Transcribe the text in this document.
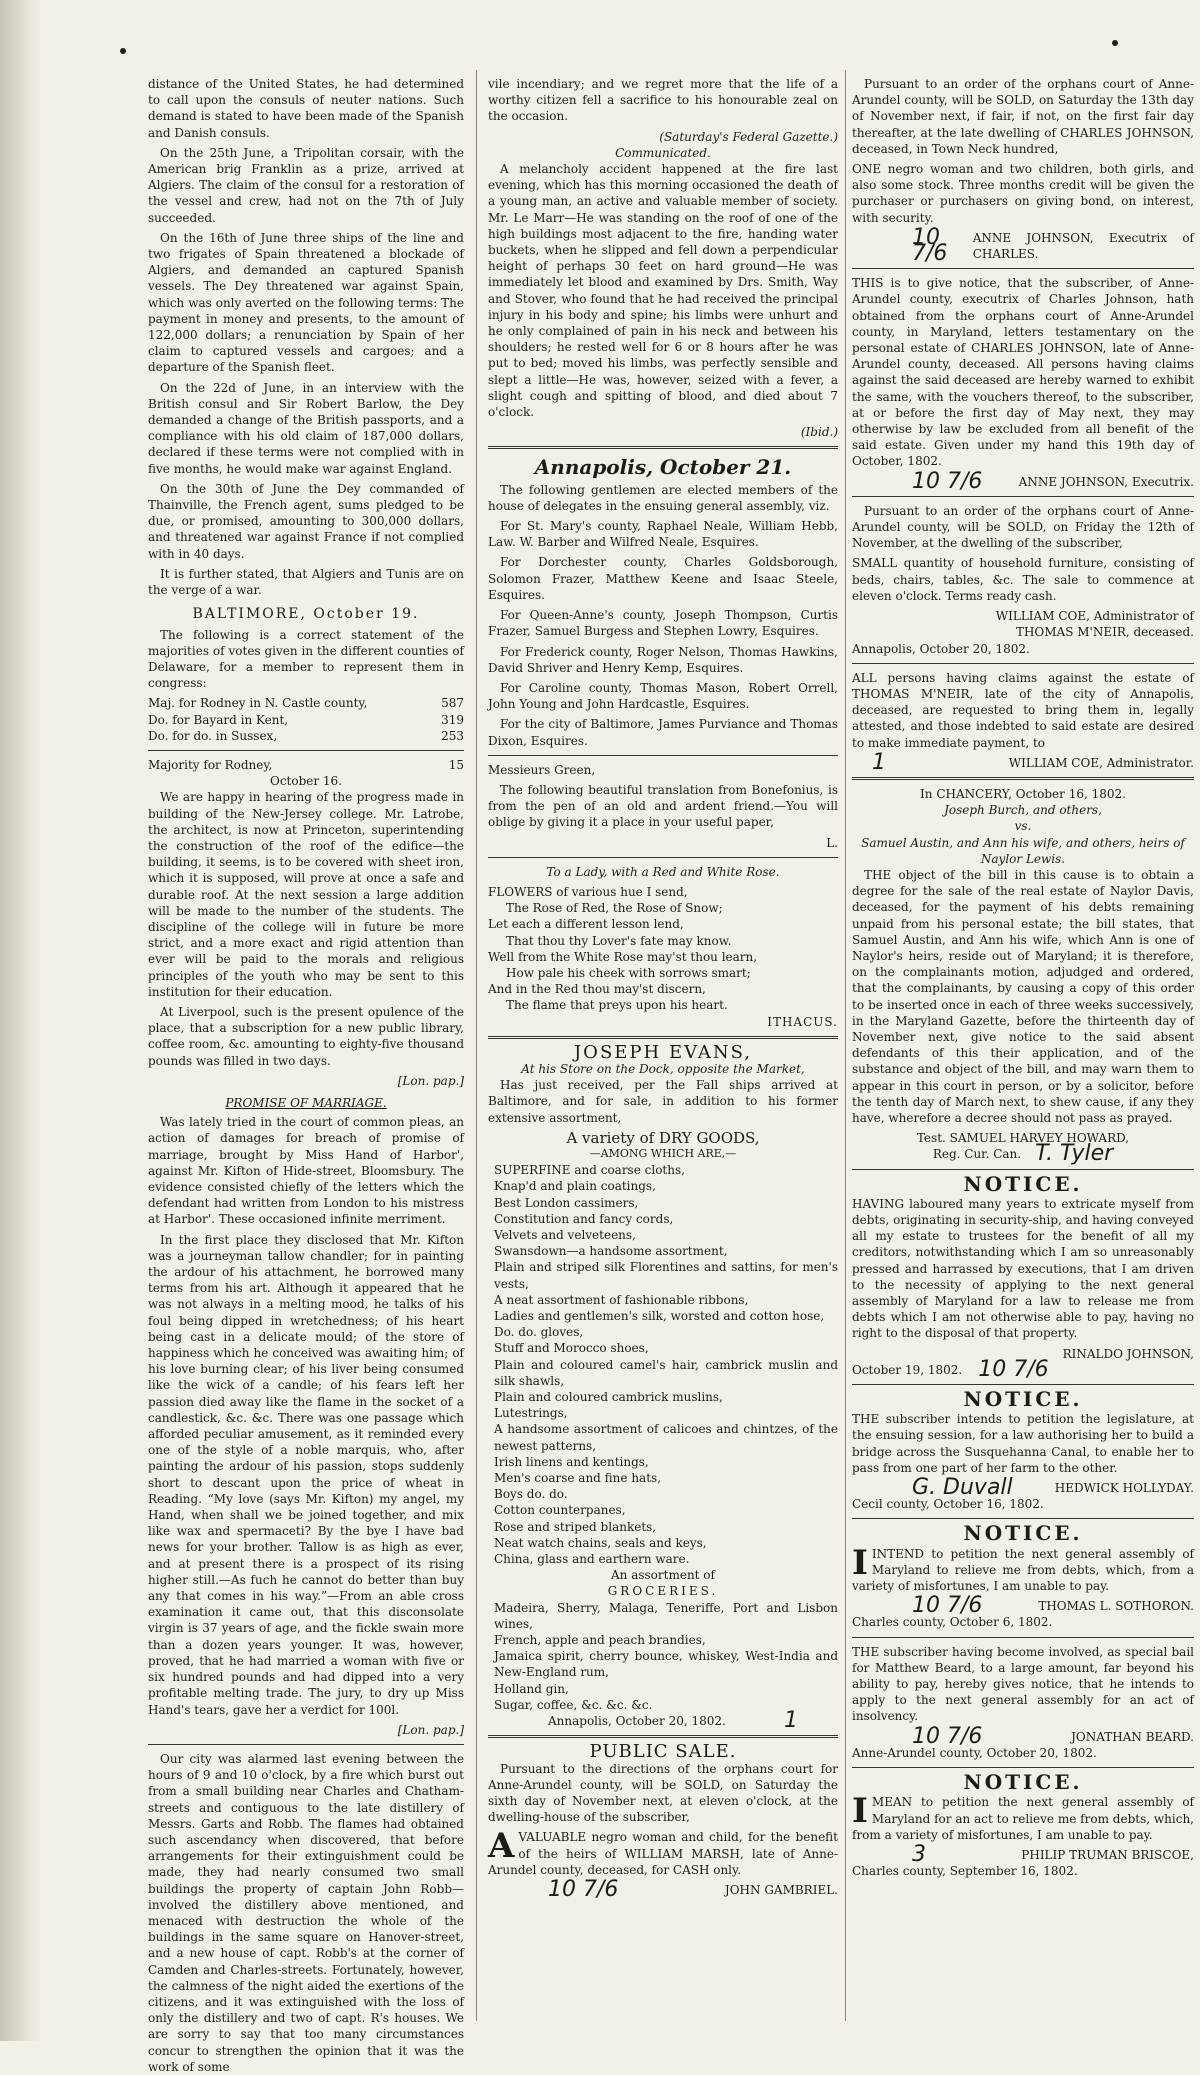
distance of the United States, he had determined to call upon the consuls of neuter nations. Such demand is stated to have been made of the Spanish and Danish consuls.

On the 25th June, a Tripolitan corsair, with the American brig Franklin as a prize, arrived at Algiers. The claim of the consul for a restoration of the vessel and crew, had not on the 7th of July succeeded.

On the 16th of June three ships of the line and two frigates of Spain threatened a blockade of Algiers, and demanded an captured Spanish vessels. The Dey threatened war against Spain, which was only averted on the following terms: The payment in money and presents, to the amount of 122,000 dollars; a renunciation by Spain of her claim to captured vessels and cargoes; and a departure of the Spanish fleet.

On the 22d of June, in an interview with the British consul and Sir Robert Barlow, the Dey demanded a change of the British passports, and a compliance with his old claim of 187,000 dollars, declared if these terms were not complied with in five months, he would make war against England.

On the 30th of June the Dey commanded of Thainville, the French agent, sums pledged to be due, or promised, amounting to 300,000 dollars, and threatened war against France if not complied with in 40 days.

It is further stated, that Algiers and Tunis are on the verge of a war.

BALTIMORE, October 19.

The following is a correct statement of the majorities of votes given in the different counties of Delaware, for a member to represent them in congress:

Maj. for Rodney in N. Castle county,	587
Do. for Bayard in Kent,	319
Do. for do. in Sussex,	253
Majority for Rodney,	15
October 16.

We are happy in hearing of the progress made in building of the New-Jersey college. Mr. Latrobe, the architect, is now at Princeton, superintending the construction of the roof of the edifice—the building, it seems, is to be covered with sheet iron, which it is supposed, will prove at once a safe and durable roof. At the next session a large addition will be made to the number of the students. The discipline of the college will in future be more strict, and a more exact and rigid attention than ever will be paid to the morals and religious principles of the youth who may be sent to this institution for their education.

At Liverpool, such is the present opulence of the place, that a subscription for a new public library, coffee room, &c. amounting to eighty-five thousand pounds was filled in two days.

[Lon. pap.]
PROMISE OF MARRIAGE.

Was lately tried in the court of common pleas, an action of damages for breach of promise of marriage, brought by Miss Hand of Harbor', against Mr. Kifton of Hide-street, Bloomsbury. The evidence consisted chiefly of the letters which the defendant had written from London to his mistress at Harbor'. These occasioned infinite merriment.

In the first place they disclosed that Mr. Kifton was a journeyman tallow chandler; for in painting the ardour of his attachment, he borrowed many terms from his art. Although it appeared that he was not always in a melting mood, he talks of his foul being dipped in wretchedness; of his heart being cast in a delicate mould; of the store of happiness which he conceived was awaiting him; of his love burning clear; of his liver being consumed like the wick of a candle; of his fears left her passion died away like the flame in the socket of a candlestick, &c. &c. There was one passage which afforded peculiar amusement, as it reminded every one of the style of a noble marquis, who, after painting the ardour of his passion, stops suddenly short to descant upon the price of wheat in Reading. “My love (says Mr. Kifton) my angel, my Hand, when shall we be joined together, and mix like wax and spermaceti? By the bye I have bad news for your brother. Tallow is as high as ever, and at present there is a prospect of its rising higher still.—As fuch he cannot do better than buy any that comes in his way.”—From an able cross examination it came out, that this disconsolate virgin is 37 years of age, and the fickle swain more than a dozen years younger. It was, however, proved, that he had married a woman with five or six hundred pounds and had dipped into a very profitable melting trade. The jury, to dry up Miss Hand's tears, gave her a verdict for 100l.

[Lon. pap.]

Our city was alarmed last evening between the hours of 9 and 10 o'clock, by a fire which burst out from a small building near Charles and Chatham-streets and contiguous to the late distillery of Messrs. Garts and Robb. The flames had obtained such ascendancy when discovered, that before arrangements for their extinguishment could be made, they had nearly consumed two small buildings the property of captain John Robb—involved the distillery above mentioned, and menaced with destruction the whole of the buildings in the same square on Hanover-street, and a new house of capt. Robb's at the corner of Camden and Charles-streets. Fortunately, however, the calmness of the night aided the exertions of the citizens, and it was extinguished with the loss of only the distillery and two of capt. R's houses. We are sorry to say that too many circumstances concur to strengthen the opinion that it was the work of some

vile incendiary; and we regret more that the life of a worthy citizen fell a sacrifice to his honourable zeal on the occasion.

(Saturday's Federal Gazette.)
Communicated.

A melancholy accident happened at the fire last evening, which has this morning occasioned the death of a young man, an active and valuable member of society. Mr. Le Marr—He was standing on the roof of one of the high buildings most adjacent to the fire, handing water buckets, when he slipped and fell down a perpendicular height of perhaps 30 feet on hard ground—He was immediately let blood and examined by Drs. Smith, Way and Stover, who found that he had received the principal injury in his body and spine; his limbs were unhurt and he only complained of pain in his neck and between his shoulders; he rested well for 6 or 8 hours after he was put to bed; moved his limbs, was perfectly sensible and slept a little—He was, however, seized with a fever, a slight cough and spitting of blood, and died about 7 o'clock.

(Ibid.)
Annapolis, October 21.

The following gentlemen are elected members of the house of delegates in the ensuing general assembly, viz.

For St. Mary's county, Raphael Neale, William Hebb, Law. W. Barber and Wilfred Neale, Esquires.

For Dorchester county, Charles Goldsborough, Solomon Frazer, Matthew Keene and Isaac Steele, Esquires.

For Queen-Anne's county, Joseph Thompson, Curtis Frazer, Samuel Burgess and Stephen Lowry, Esquires.

For Frederick county, Roger Nelson, Thomas Hawkins, David Shriver and Henry Kemp, Esquires.

For Caroline county, Thomas Mason, Robert Orrell, John Young and John Hardcastle, Esquires.

For the city of Baltimore, James Purviance and Thomas Dixon, Esquires.

Messieurs Green,

The following beautiful translation from Bonefonius, is from the pen of an old and ardent friend.—You will oblige by giving it a place in your useful paper,

L.
To a Lady, with a Red and White Rose.

FLOWERS of various hue I send,

The Rose of Red, the Rose of Snow;

Let each a different lesson lend,

That thou thy Lover's fate may know.

Well from the White Rose may'st thou learn,

How pale his cheek with sorrows smart;

And in the Red thou may'st discern,

The flame that preys upon his heart.

ITHACUS.
JOSEPH EVANS,
At his Store on the Dock, opposite the Market,

Has just received, per the Fall ships arrived at Baltimore, and for sale, in addition to his former extensive assortment,

A variety of DRY GOODS,
—AMONG WHICH ARE,—
SUPERFINE and coarse cloths,
Knap'd and plain coatings,
Best London cassimers,
Constitution and fancy cords,
Velvets and velveteens,
Swansdown—a handsome assortment,
Plain and striped silk Florentines and sattins, for men's vests,
A neat assortment of fashionable ribbons,
Ladies and gentlemen's silk, worsted and cotton hose,
Do. do. gloves,
Stuff and Morocco shoes,
Plain and coloured camel's hair, cambrick muslin and silk shawls,
Plain and coloured cambrick muslins,
Lutestrings,
A handsome assortment of calicoes and chintzes, of the newest patterns,
Irish linens and kentings,
Men's coarse and fine hats,
Boys do. do.
Cotton counterpanes,
Rose and striped blankets,
Neat watch chains, seals and keys,
China, glass and earthern ware.
An assortment of
GROCERIES.
Madeira, Sherry, Malaga, Teneriffe, Port and Lisbon wines,
French, apple and peach brandies,
Jamaica spirit, cherry bounce, whiskey, West-India and New-England rum,
Holland gin,
Sugar, coffee, &c. &c. &c.
Annapolis, October 20, 1802.	1
PUBLIC SALE.

Pursuant to the directions of the orphans court for Anne-Arundel county, will be SOLD, on Saturday the sixth day of November next, at eleven o'clock, at the dwelling-house of the subscriber,

AVALUABLE negro woman and child, for the benefit of the heirs of WILLIAM MARSH, late of Anne-Arundel county, deceased, for CASH only.

10 7/6	JOHN GAMBRIEL.

Pursuant to an order of the orphans court of Anne-Arundel county, will be SOLD, on Saturday the 13th day of November next, if fair, if not, on the first fair day thereafter, at the late dwelling of CHARLES JOHNSON, deceased, in Town Neck hundred,

ONE negro woman and two children, both girls, and also some stock. Three months credit will be given the purchaser or purchasers on giving bond, on interest, with security.

10 7/6
ANNE JOHNSON, Executrix of CHARLES.

THIS is to give notice, that the subscriber, of Anne-Arundel county, executrix of Charles Johnson, hath obtained from the orphans court of Anne-Arundel county, in Maryland, letters testamentary on the personal estate of CHARLES JOHNSON, late of Anne-Arundel county, deceased. All persons having claims against the said deceased are hereby warned to exhibit the same, with the vouchers thereof, to the subscriber, at or before the first day of May next, they may otherwise by law be excluded from all benefit of the said estate. Given under my hand this 19th day of October, 1802.

10 7/6	ANNE JOHNSON, Executrix.

Pursuant to an order of the orphans court of Anne-Arundel county, will be SOLD, on Friday the 12th of November, at the dwelling of the subscriber,

SMALL quantity of household furniture, consisting of beds, chairs, tables, &c. The sale to commence at eleven o'clock. Terms ready cash.

WILLIAM COE, Administrator of
THOMAS M'NEIR, deceased.
Annapolis, October 20, 1802.

ALL persons having claims against the estate of THOMAS M'NEIR, late of the city of Annapolis, deceased, are requested to bring them in, legally attested, and those indebted to said estate are desired to make immediate payment, to

1	WILLIAM COE, Administrator.
In CHANCERY, October 16, 1802.
Joseph Burch, and others,
vs.
Samuel Austin, and Ann his wife, and others, heirs of Naylor Lewis.

THE object of the bill in this cause is to obtain a degree for the sale of the real estate of Naylor Davis, deceased, for the payment of his debts remaining unpaid from his personal estate; the bill states, that Samuel Austin, and Ann his wife, which Ann is one of Naylor's heirs, reside out of Maryland; it is therefore, on the complainants motion, adjudged and ordered, that the complainants, by causing a copy of this order to be inserted once in each of three weeks successively, in the Maryland Gazette, before the thirteenth day of November next, give notice to the said absent defendants of this their application, and of the substance and object of the bill, and may warn them to appear in this court in person, or by a solicitor, before the tenth day of March next, to shew cause, if any they have, wherefore a decree should not pass as prayed.

Test. SAMUEL HARVEY HOWARD,
Reg. Cur. Can. T. Tyler
NOTICE.

HAVING laboured many years to extricate myself from debts, originating in security-ship, and having conveyed all my estate to trustees for the benefit of all my creditors, notwithstanding which I am so unreasonably pressed and harrassed by executions, that I am driven to the necessity of applying to the next general assembly of Maryland for a law to release me from debts which I am not otherwise able to pay, having no right to the disposal of that property.

RINALDO JOHNSON,
October 19, 1802. 10 7/6
NOTICE.

THE subscriber intends to petition the legislature, at the ensuing session, for a law authorising her to build a bridge across the Susquehanna Canal, to enable her to pass from one part of her farm to the other.

G. Duvall	HEDWICK HOLLYDAY.
Cecil county, October 16, 1802.
NOTICE.

IINTEND to petition the next general assembly of Maryland to relieve me from debts, which, from a variety of misfortunes, I am unable to pay.

10 7/6	THOMAS L. SOTHORON.
Charles county, October 6, 1802.

THE subscriber having become involved, as special bail for Matthew Beard, to a large amount, far beyond his ability to pay, hereby gives notice, that he intends to apply to the next general assembly for an act of insolvency.

10 7/6	JONATHAN BEARD.
Anne-Arundel county, October 20, 1802.
NOTICE.

IMEAN to petition the next general assembly of Maryland for an act to relieve me from debts, which, from a variety of misfortunes, I am unable to pay.

3	PHILIP TRUMAN BRISCOE,
Charles county, September 16, 1802.
